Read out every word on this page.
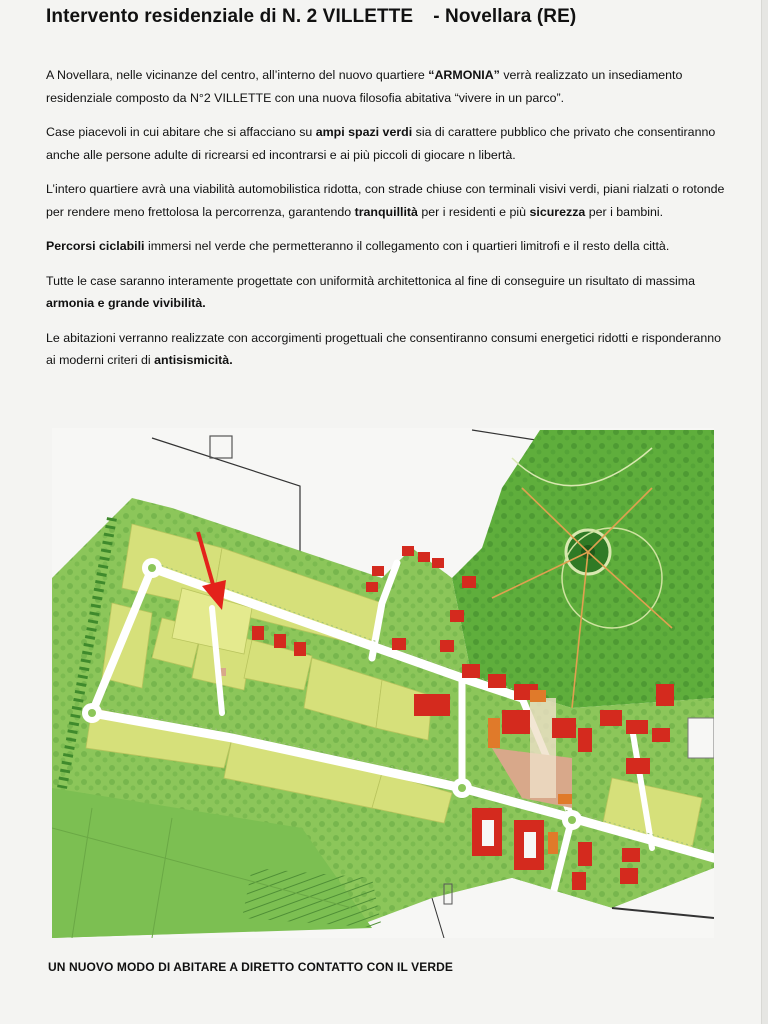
Intervento residenziale di N. 2 VILLETTE - Novellara (RE)

A Novellara, nelle vicinanze del centro, all’interno del nuovo quartiere “ARMONIA” verrà realizzato un insediamento residenziale composto da N°2 VILLETTE con una nuova filosofia abitativa “vivere in un parco”.

Case piacevoli in cui abitare che si affacciano su ampi spazi verdi sia di carattere pubblico che privato che consentiranno anche alle persone adulte di ricrearsi ed incontrarsi e ai più piccoli di giocare n libertà.

L’intero quartiere avrà una viabilità automobilistica ridotta, con strade chiuse con terminali visivi verdi, piani rialzati o rotonde per rendere meno frettolosa la percorrenza, garantendo tranquillità per i residenti e più sicurezza per i bambini.

Percorsi ciclabili immersi nel verde che permetteranno il collegamento con i quartieri limitrofi e il resto della città.

Tutte le case saranno interamente progettate con uniformità architettonica al fine di conseguire un risultato di massima armonia e grande vivibilità.

Le abitazioni verranno realizzate con accorgimenti progettuali che consentiranno consumi energetici ridotti e risponderanno ai moderni criteri di antisismicità.

UN NUOVO MODO DI ABITARE A DIRETTO CONTATTO CON IL VERDE
